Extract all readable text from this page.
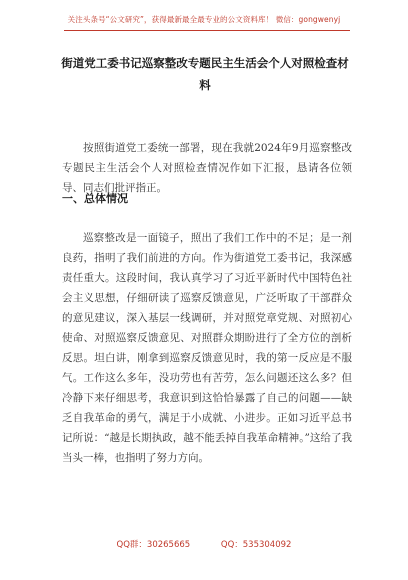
关注头条号“公文研究”，获得最新最全最专业的公文资料库！ 微信：gongwenyj
街道党工委书记巡察整改专题民主生活会个人对照检查材料

按照街道党工委统一部署，现在我就2024年9月巡察整改专题民主生活会个人对照检查情况作如下汇报，恳请各位领导、同志们批评指正。

一、总体情况

巡察整改是一面镜子，照出了我们工作中的不足；是一剂良药，指明了我们前进的方向。作为街道党工委书记，我深感责任重大。这段时间，我认真学习了习近平新时代中国特色社会主义思想，仔细研读了巡察反馈意见，广泛听取了干部群众的意见建议，深入基层一线调研，并对照党章党规、对照初心使命、对照巡察反馈意见、对照群众期盼进行了全方位的剖析反思。坦白讲，刚拿到巡察反馈意见时，我的第一反应是不服气。工作这么多年，没功劳也有苦劳，怎么问题还这么多？但冷静下来仔细思考，我意识到这恰恰暴露了自己的问题——缺乏自我革命的勇气，满足于小成就、小进步。正如习近平总书记所说：“越是长期执政，越不能丢掉自我革命精神。”这给了我当头一棒，也指明了努力方向。

QQ群：30265665	QQ：535304092
